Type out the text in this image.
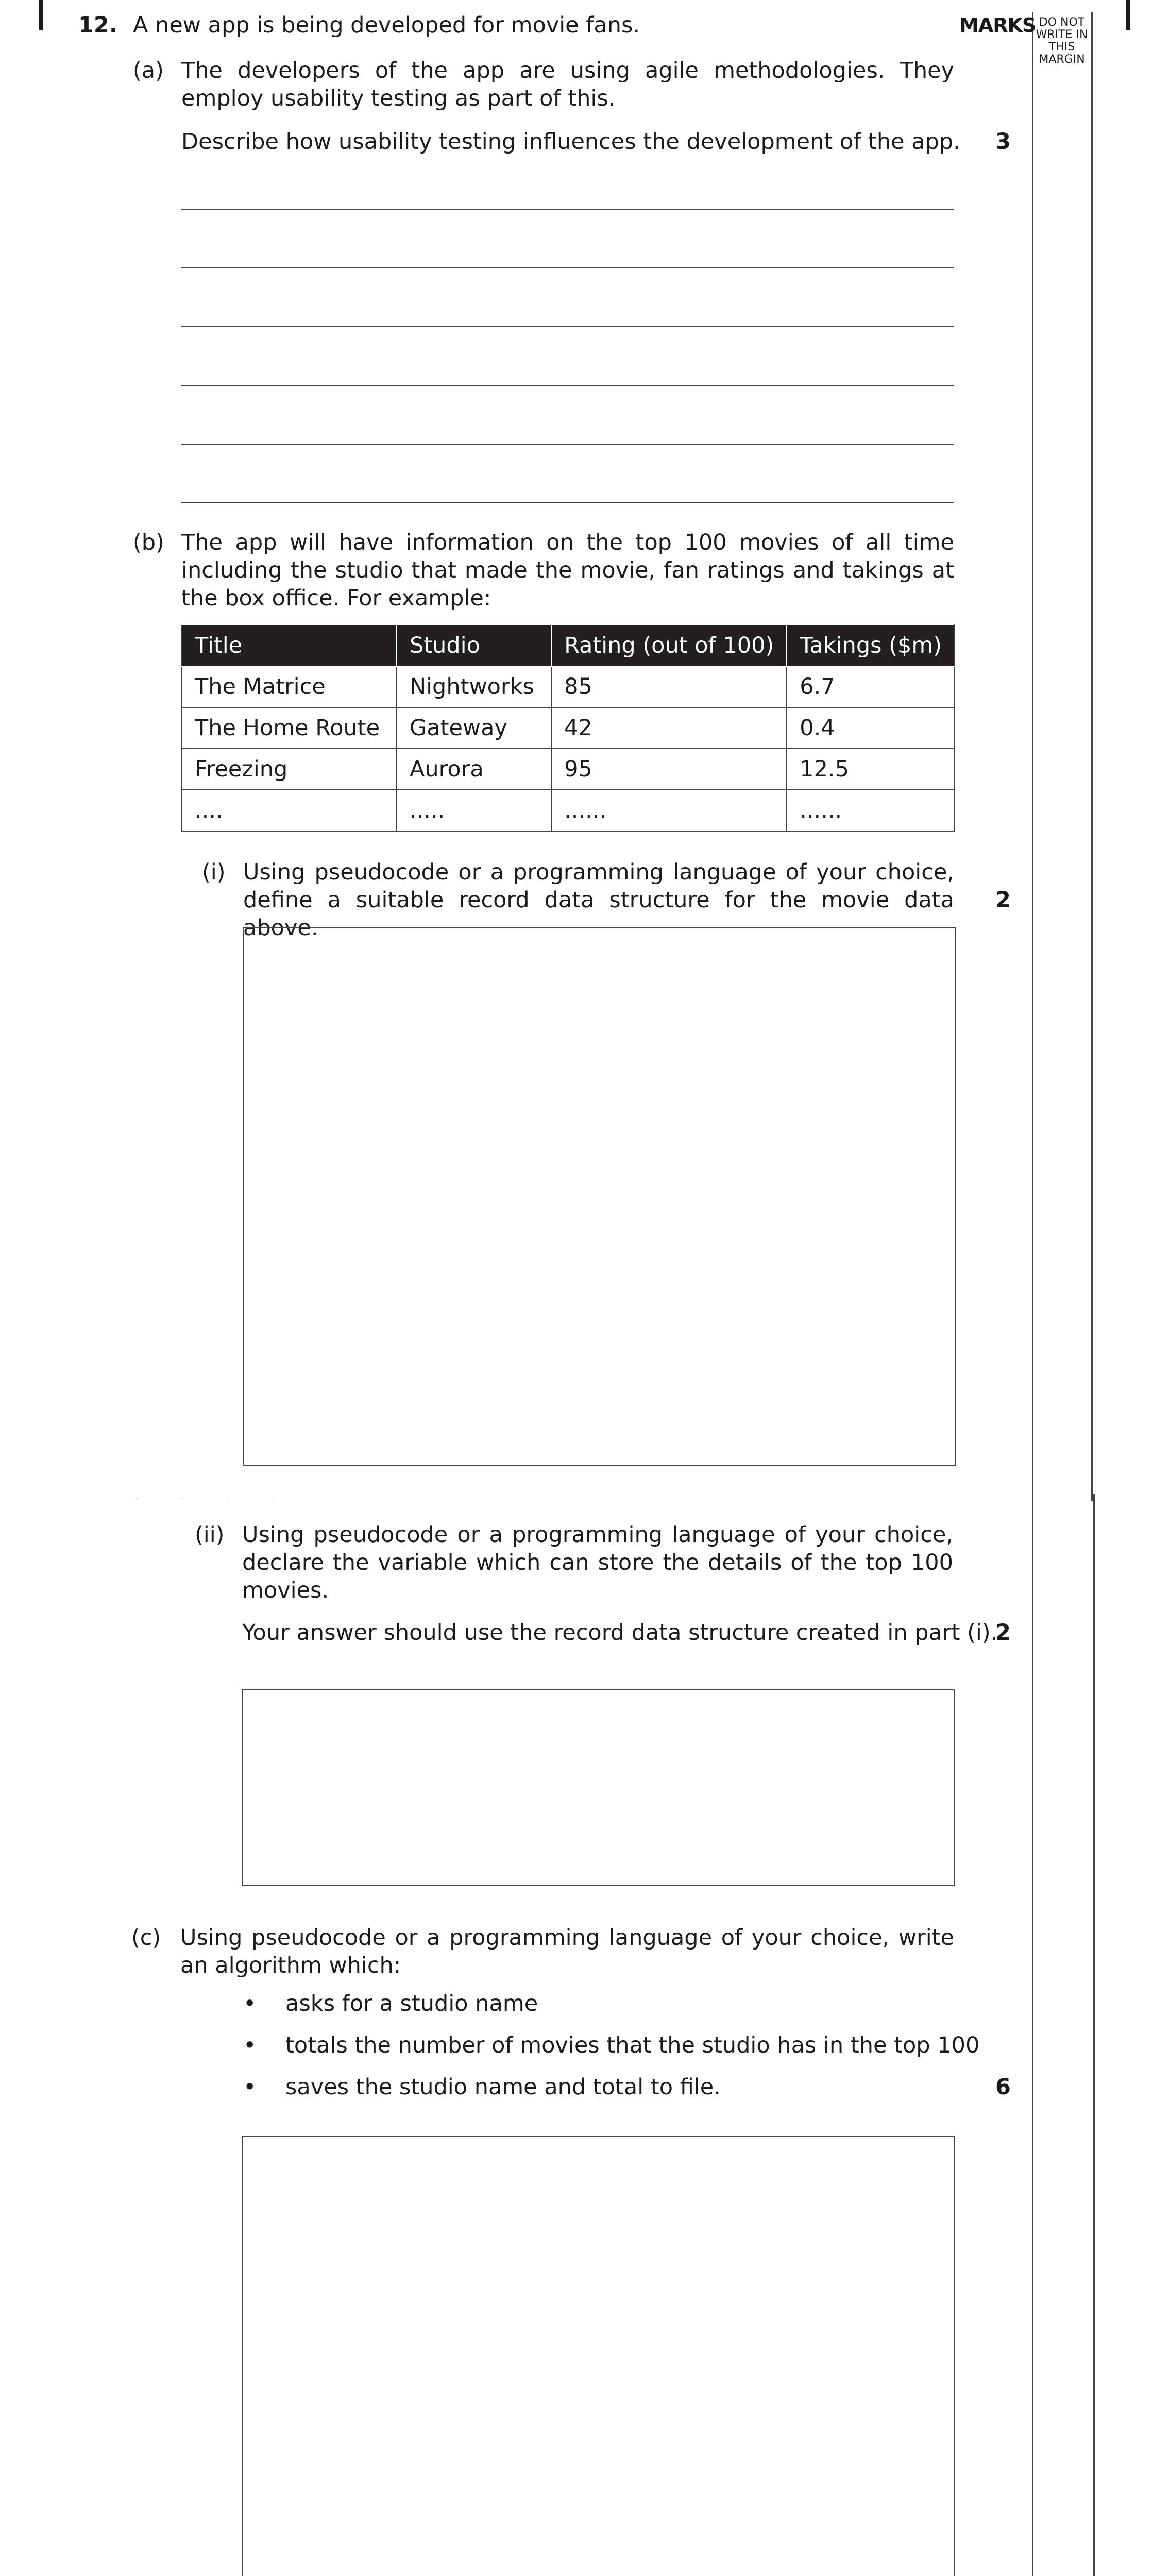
MARKS DO NOT WRITE IN THIS MARGIN
12. A new app is being developed for movie fans.
(a) The developers of the app are using agile methodologies. They employ usability testing as part of this.
Describe how usability testing influences the development of the app. 3
(b) The app will have information on the top 100 movies of all time including the studio that made the movie, fan ratings and takings at the box office. For example:
Title	Studio	Rating (out of 100)	Takings ($m)
The Matrice	Nightworks	85	6.7
The Home Route	Gateway	42	0.4
Freezing	Aurora	95	12.5
....	.....	......	......
(i) Using pseudocode or a programming language of your choice, define a suitable record data structure for the movie data above.
2
· · · ·
(ii) Using pseudocode or a programming language of your choice, declare the variable which can store the details of the top 100 movies.
Your answer should use the record data structure created in part (i).
2
(c) Using pseudocode or a programming language of your choice, write an algorithm which:
• asks for a studio name
• totals the number of movies that the studio has in the top 100
• saves the studio name and total to file.	6
